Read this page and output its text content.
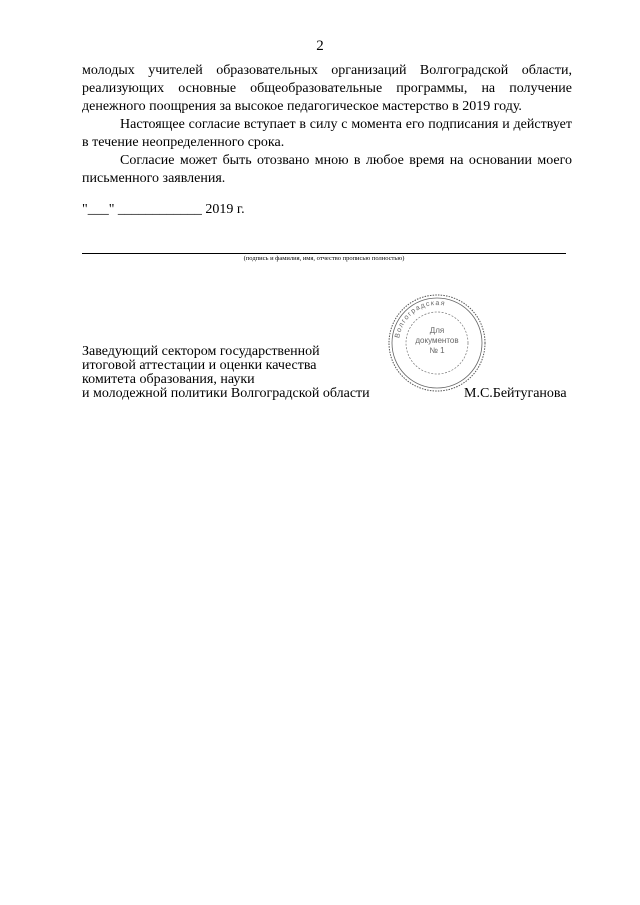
2

молодых учителей образовательных организаций Волгоградской области, реализующих основные общеобразовательные программы, на получение денежного поощрения за высокое педагогическое мастерство в 2019 году.

Настоящее согласие вступает в силу с момента его подписания и действует в течение неопределенного срока.

Согласие может быть отозвано мною в любое время на основании моего письменного заявления.

"___" ____________ 2019 г.
(подпись и фамилия, имя, отчество прописью полностью)
Волгоградская
Для
документов
№ 1
Заведующий сектором государственной
итоговой аттестации и оценки качества
комитета образования, науки
и молодежной политики Волгоградской области	М.С.Бейтуганова
